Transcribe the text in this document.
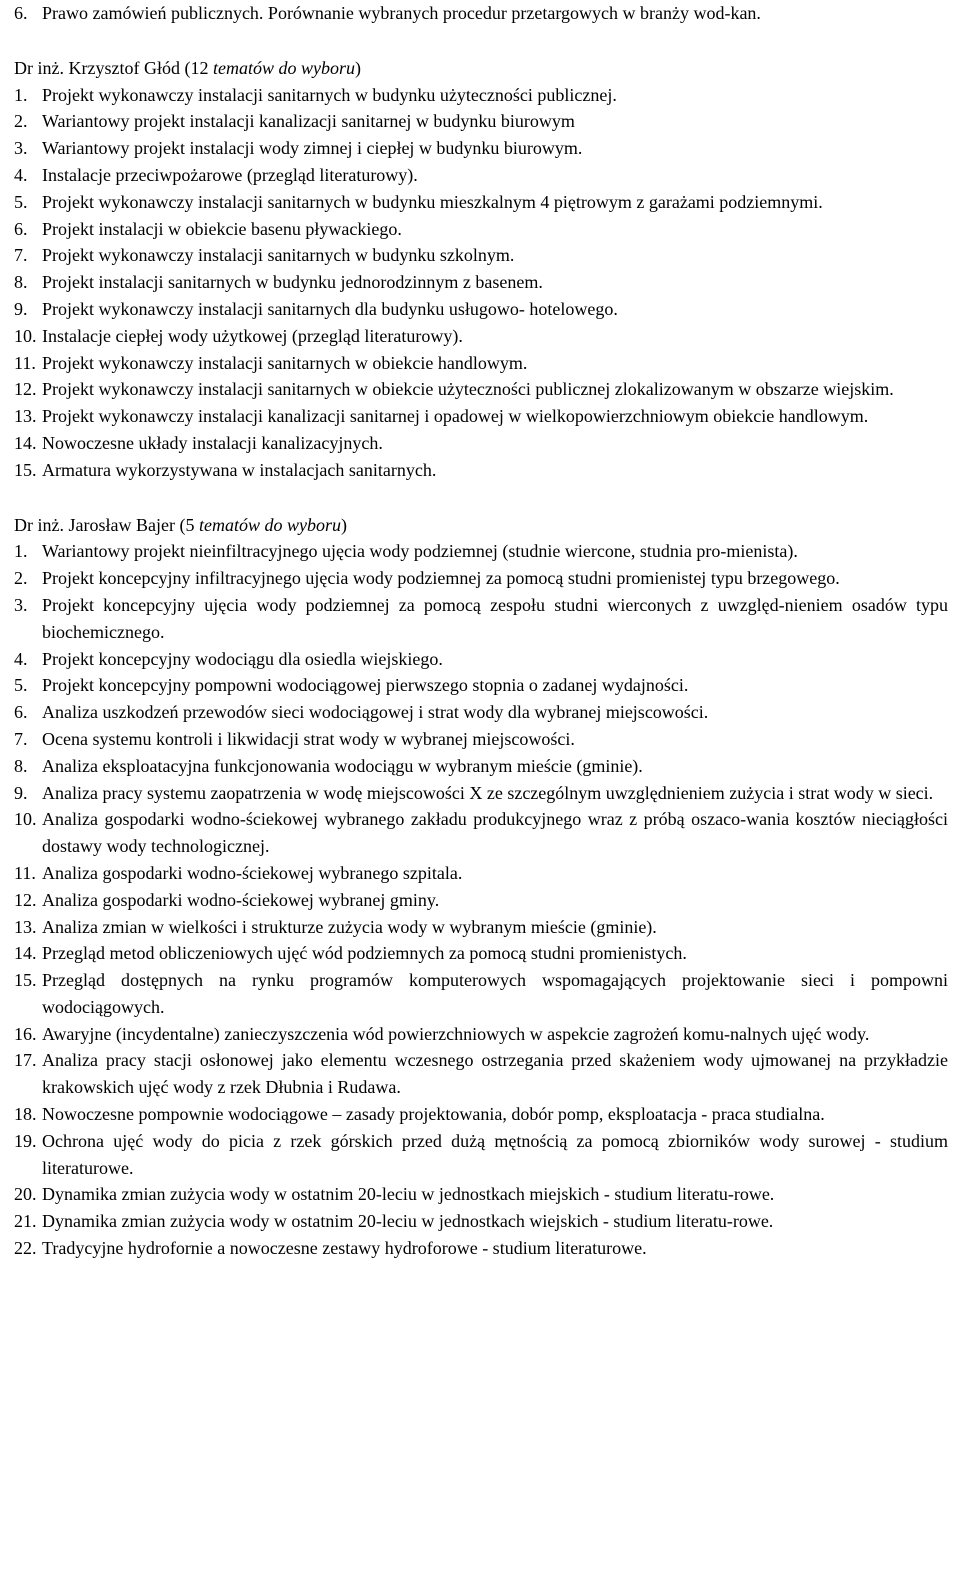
6. Prawo zamówień publicznych. Porównanie wybranych procedur przetargowych w branży wod-kan.
Dr inż. Krzysztof Głód (12 tematów do wyboru)
1. Projekt wykonawczy instalacji sanitarnych w budynku użyteczności publicznej.
2. Wariantowy projekt instalacji kanalizacji sanitarnej w budynku biurowym
3. Wariantowy projekt instalacji wody zimnej i ciepłej w budynku biurowym.
4. Instalacje przeciwpożarowe (przegląd literaturowy).
5. Projekt wykonawczy instalacji sanitarnych w budynku mieszkalnym 4 piętrowym z garażami podziemnymi.
6. Projekt instalacji w obiekcie basenu pływackiego.
7. Projekt wykonawczy instalacji sanitarnych w budynku szkolnym.
8. Projekt instalacji sanitarnych w budynku jednorodzinnym z basenem.
9. Projekt wykonawczy instalacji sanitarnych dla budynku usługowo- hotelowego.
10. Instalacje ciepłej wody użytkowej (przegląd literaturowy).
11. Projekt wykonawczy instalacji sanitarnych w obiekcie handlowym.
12. Projekt wykonawczy instalacji sanitarnych w obiekcie użyteczności publicznej zlokalizowanym w obszarze wiejskim.
13. Projekt wykonawczy instalacji kanalizacji sanitarnej i opadowej w wielkopowierzchniowym obiekcie handlowym.
14. Nowoczesne układy instalacji kanalizacyjnych.
15. Armatura wykorzystywana w instalacjach sanitarnych.
Dr inż. Jarosław Bajer (5 tematów do wyboru)
1. Wariantowy projekt nieinfiltracyjnego ujęcia wody podziemnej (studnie wiercone, studnia pro-mienista).
2. Projekt koncepcyjny infiltracyjnego ujęcia wody podziemnej za pomocą studni promienistej typu brzegowego.
3. Projekt koncepcyjny ujęcia wody podziemnej za pomocą zespołu studni wierconych z uwzględ-nieniem osadów typu biochemicznego.
4. Projekt koncepcyjny wodociągu dla osiedla wiejskiego.
5. Projekt koncepcyjny pompowni wodociągowej pierwszego stopnia o zadanej wydajności.
6. Analiza uszkodzeń przewodów sieci wodociągowej i strat wody dla wybranej miejscowości.
7. Ocena systemu kontroli i likwidacji strat wody w wybranej miejscowości.
8. Analiza eksploatacyjna funkcjonowania wodociągu w wybranym mieście (gminie).
9. Analiza pracy systemu zaopatrzenia w wodę miejscowości X ze szczególnym uwzględnieniem zużycia i strat wody w sieci.
10. Analiza gospodarki wodno-ściekowej wybranego zakładu produkcyjnego wraz z próbą oszaco-wania kosztów nieciągłości dostawy wody technologicznej.
11. Analiza gospodarki wodno-ściekowej wybranego szpitala.
12. Analiza gospodarki wodno-ściekowej wybranej gminy.
13. Analiza zmian w wielkości i strukturze zużycia wody w wybranym mieście (gminie).
14. Przegląd metod obliczeniowych ujęć wód podziemnych za pomocą studni promienistych.
15. Przegląd dostępnych na rynku programów komputerowych wspomagających projektowanie sieci i pompowni wodociągowych.
16. Awaryjne (incydentalne) zanieczyszczenia wód powierzchniowych w aspekcie zagrożeń komu-nalnych ujęć wody.
17. Analiza pracy stacji osłonowej jako elementu wczesnego ostrzegania przed skażeniem wody ujmowanej na przykładzie krakowskich ujęć wody z rzek Dłubnia i Rudawa.
18. Nowoczesne pompownie wodociągowe – zasady projektowania, dobór pomp, eksploatacja - praca studialna.
19. Ochrona ujęć wody do picia z rzek górskich przed dużą mętnością za pomocą zbiorników wody surowej - studium literaturowe.
20. Dynamika zmian zużycia wody w ostatnim 20-leciu w jednostkach miejskich - studium literatu-rowe.
21. Dynamika zmian zużycia wody w ostatnim 20-leciu w jednostkach wiejskich - studium literatu-rowe.
22. Tradycyjne hydrofornie a nowoczesne zestawy hydroforowe - studium literaturowe.
